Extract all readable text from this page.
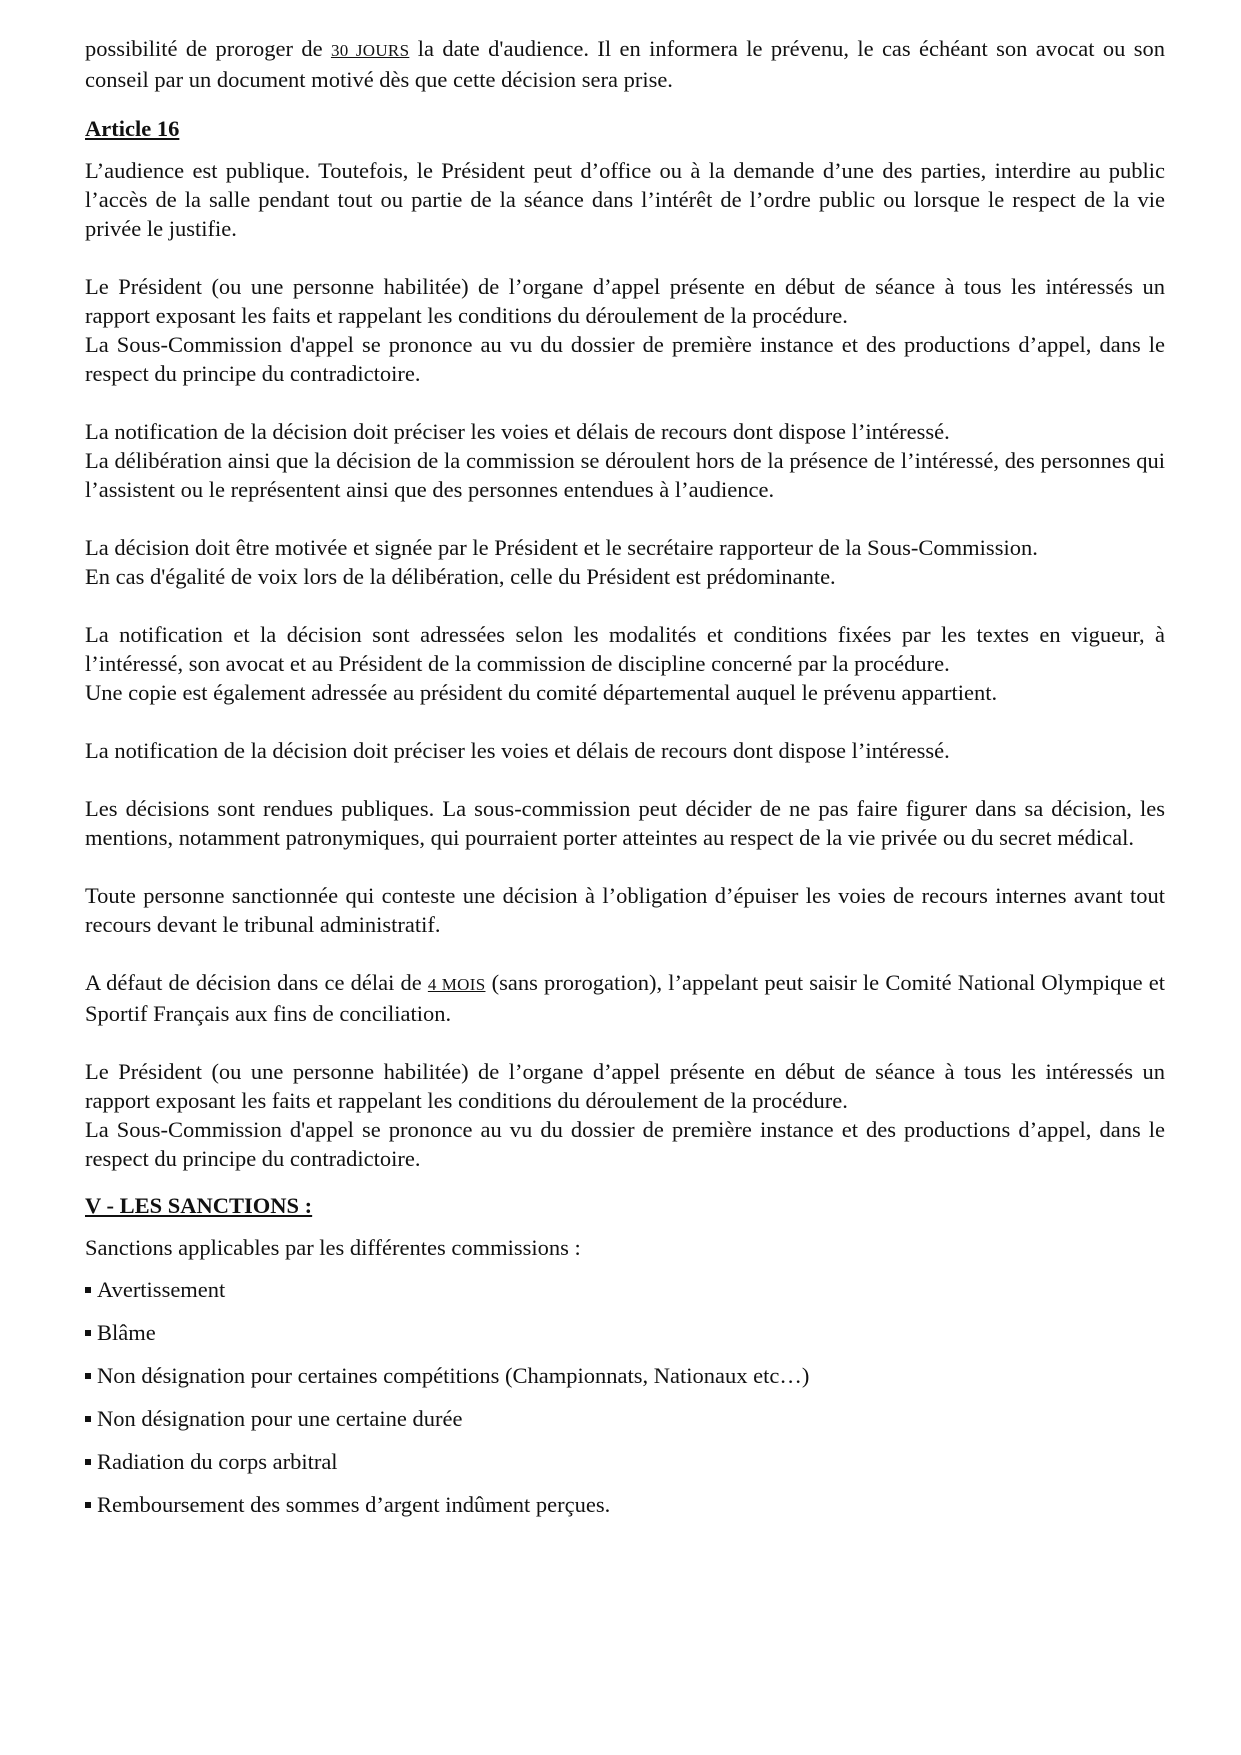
possibilité de proroger de 30 JOURS la date d'audience. Il en informera le prévenu, le cas échéant son avocat ou son conseil par un document motivé dès que cette décision sera prise.

Article 16

L’audience est publique. Toutefois, le Président peut d’office ou à la demande d’une des parties, interdire au public l’accès de la salle pendant tout ou partie de la séance dans l’intérêt de l’ordre public ou lorsque le respect de la vie privée le justifie.

Le Président (ou une personne habilitée) de l’organe d’appel présente en début de séance à tous les intéressés un rapport exposant les faits et rappelant les conditions du déroulement de la procédure.

La Sous-Commission d'appel se prononce au vu du dossier de première instance et des productions d’appel, dans le respect du principe du contradictoire.

La notification de la décision doit préciser les voies et délais de recours dont dispose l’intéressé.

La délibération ainsi que la décision de la commission se déroulent hors de la présence de l’intéressé, des personnes qui l’assistent ou le représentent ainsi que des personnes entendues à l’audience.

La décision doit être motivée et signée par le Président et le secrétaire rapporteur de la Sous-Commission.

En cas d'égalité de voix lors de la délibération, celle du Président est prédominante.

La notification et la décision sont adressées selon les modalités et conditions fixées par les textes en vigueur, à l’intéressé, son avocat et au Président de la commission de discipline concerné par la procédure.

Une copie est également adressée au président du comité départemental auquel le prévenu appartient.

La notification de la décision doit préciser les voies et délais de recours dont dispose l’intéressé.

Les décisions sont rendues publiques. La sous-commission peut décider de ne pas faire figurer dans sa décision, les mentions, notamment patronymiques, qui pourraient porter atteintes au respect de la vie privée ou du secret médical.

Toute personne sanctionnée qui conteste une décision à l’obligation d’épuiser les voies de recours internes avant tout recours devant le tribunal administratif.

A défaut de décision dans ce délai de 4 MOIS (sans prorogation), l’appelant peut saisir le Comité National Olympique et Sportif Français aux fins de conciliation.

Le Président (ou une personne habilitée) de l’organe d’appel présente en début de séance à tous les intéressés un rapport exposant les faits et rappelant les conditions du déroulement de la procédure.

La Sous-Commission d'appel se prononce au vu du dossier de première instance et des productions d’appel, dans le respect du principe du contradictoire.

V - LES SANCTIONS :

Sanctions applicables par les différentes commissions :

Avertissement
Blâme
Non désignation pour certaines compétitions (Championnats, Nationaux etc…)
Non désignation pour une certaine durée
Radiation du corps arbitral
Remboursement des sommes d’argent indûment perçues.
